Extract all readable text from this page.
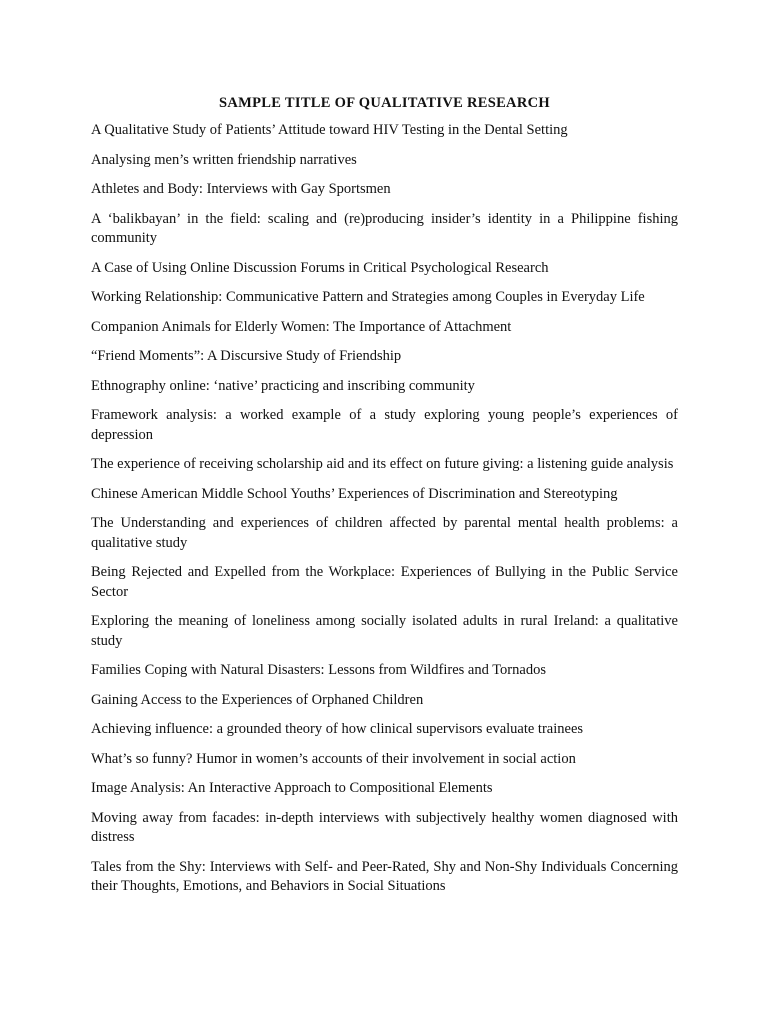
SAMPLE TITLE OF QUALITATIVE RESEARCH
A Qualitative Study of Patients’ Attitude toward HIV Testing in the Dental Setting
Analysing men’s written friendship narratives
Athletes and Body: Interviews with Gay Sportsmen
A ‘balikbayan’ in the field: scaling and (re)producing insider’s identity in a Philippine fishing community
A Case of Using Online Discussion Forums in Critical Psychological Research
Working Relationship: Communicative Pattern and Strategies among Couples in Everyday Life
Companion Animals for Elderly Women: The Importance of Attachment
“Friend Moments”: A Discursive Study of Friendship
Ethnography online: ‘native’ practicing and inscribing community
Framework analysis: a worked example of a study exploring young people’s experiences of depression
The experience of receiving scholarship aid and its effect on future giving: a listening guide analysis
Chinese American Middle School Youths’ Experiences of Discrimination and Stereotyping
The Understanding and experiences of children affected by parental mental health problems: a qualitative study
Being Rejected and Expelled from the Workplace: Experiences of Bullying in the Public Service Sector
Exploring the meaning of loneliness among socially isolated adults in rural Ireland: a qualitative study
Families Coping with Natural Disasters: Lessons from Wildfires and Tornados
Gaining Access to the Experiences of Orphaned Children
Achieving influence: a grounded theory of how clinical supervisors evaluate trainees
What’s so funny? Humor in women’s accounts of their involvement in social action
Image Analysis: An Interactive Approach to Compositional Elements
Moving away from facades: in-depth interviews with subjectively healthy women diagnosed with distress
Tales from the Shy: Interviews with Self- and Peer-Rated, Shy and Non-Shy Individuals Concerning their Thoughts, Emotions, and Behaviors in Social Situations
